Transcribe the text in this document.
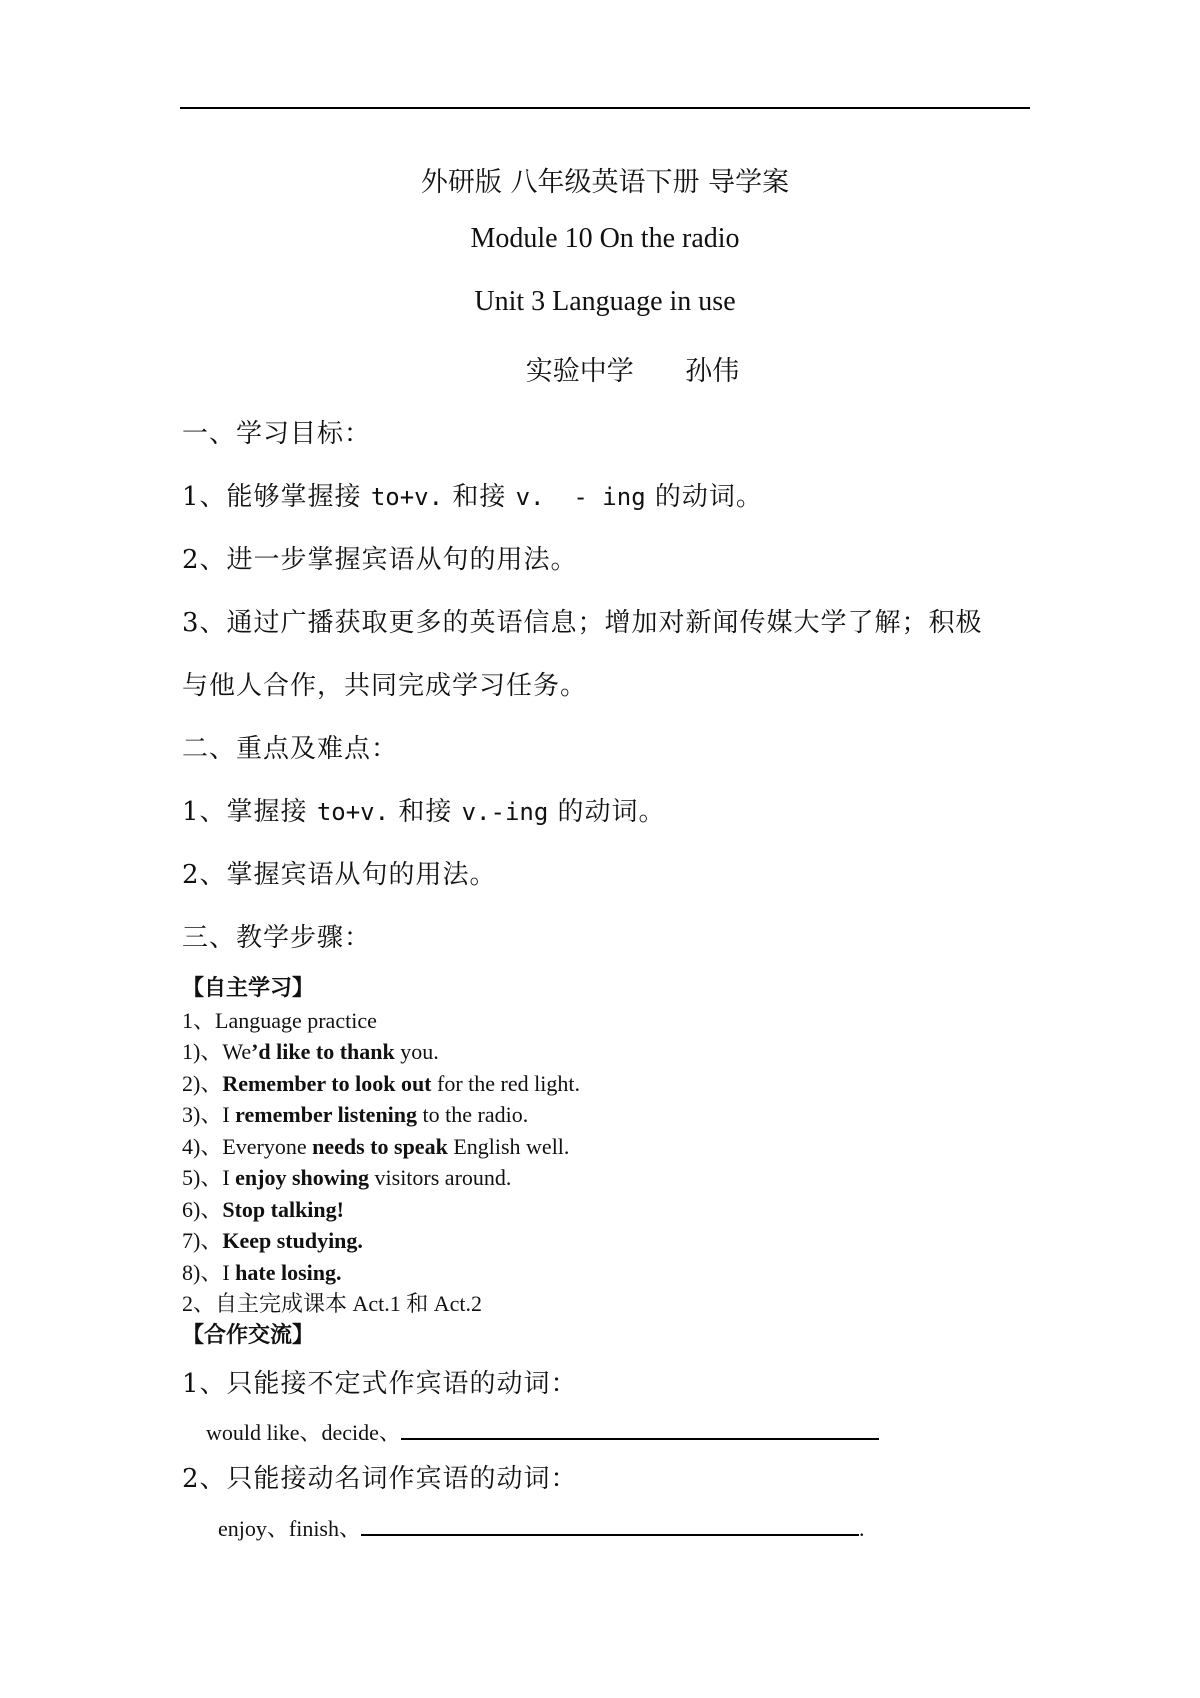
外研版 八年级英语下册 导学案
Module 10 On the radio
Unit 3 Language in use
实验中学      孙伟
一、学习目标：
1、能够掌握接 to+v. 和接 v.  - ing 的动词。
2、进一步掌握宾语从句的用法。
3、通过广播获取更多的英语信息；增加对新闻传媒大学了解；积极
与他人合作，共同完成学习任务。
二、重点及难点：
1、掌握接 to+v. 和接 v.-ing 的动词。
2、掌握宾语从句的用法。
三、教学步骤：
【自主学习】
1、Language practice
1)、We’d like to thank you.
2)、Remember to look out for the red light.
3)、I remember listening to the radio.
4)、Everyone needs to speak English well.
5)、I enjoy showing visitors around.
6)、Stop talking!
7)、Keep studying.
8)、I hate losing.
2、自主完成课本 Act.1 和 Act.2
【合作交流】
1、只能接不定式作宾语的动词：
would like、decide、
2、只能接动名词作宾语的动词：
enjoy、finish、	.
